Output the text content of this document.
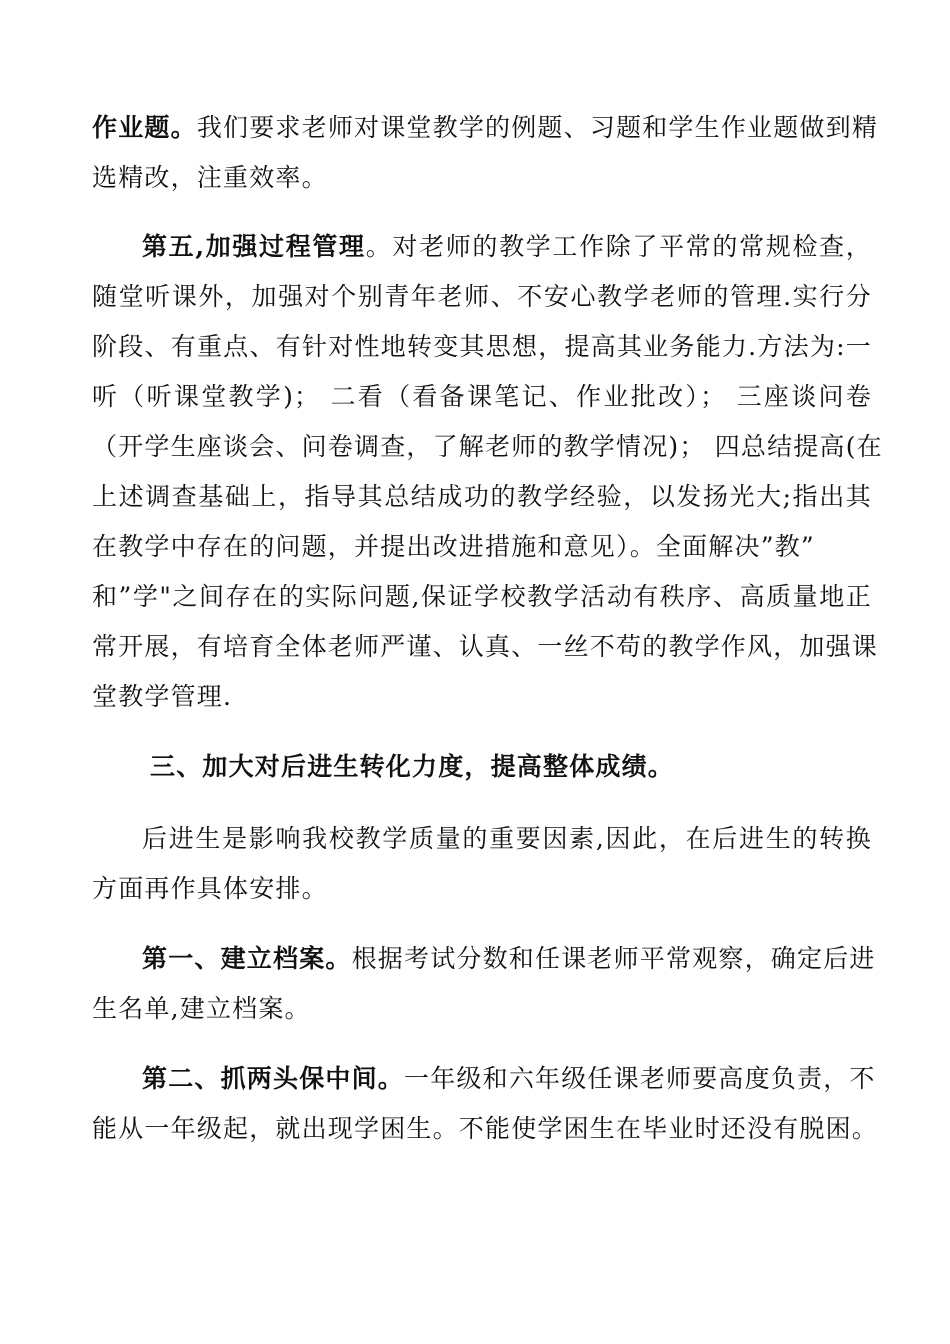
作业题。我们要求老师对课堂教学的例题、习题和学生作业题做到精
选精改，注重效率。
第五,加强过程管理。对老师的教学工作除了平常的常规检查，
随堂听课外，加强对个别青年老师、不安心教学老师的管理.实行分
阶段、有重点、有针对性地转变其思想，提高其业务能力.方法为:一
听（听课堂教学)； 二看（看备课笔记、作业批改）； 三座谈问卷
（开学生座谈会、问卷调查，了解老师的教学情况)； 四总结提高(在
上述调查基础上，指导其总结成功的教学经验，以发扬光大;指出其
在教学中存在的问题，并提出改进措施和意见）。全面解决”教”
和”学"之间存在的实际问题,保证学校教学活动有秩序、高质量地正
常开展，有培育全体老师严谨、认真、一丝不苟的教学作风，加强课
堂教学管理.
三、加大对后进生转化力度，提高整体成绩。
后进生是影响我校教学质量的重要因素,因此，在后进生的转换
方面再作具体安排。
第一、建立档案。根据考试分数和任课老师平常观察，确定后进
生名单,建立档案。
第二、抓两头保中间。一年级和六年级任课老师要高度负责，不
能从一年级起，就出现学困生。不能使学困生在毕业时还没有脱困。
